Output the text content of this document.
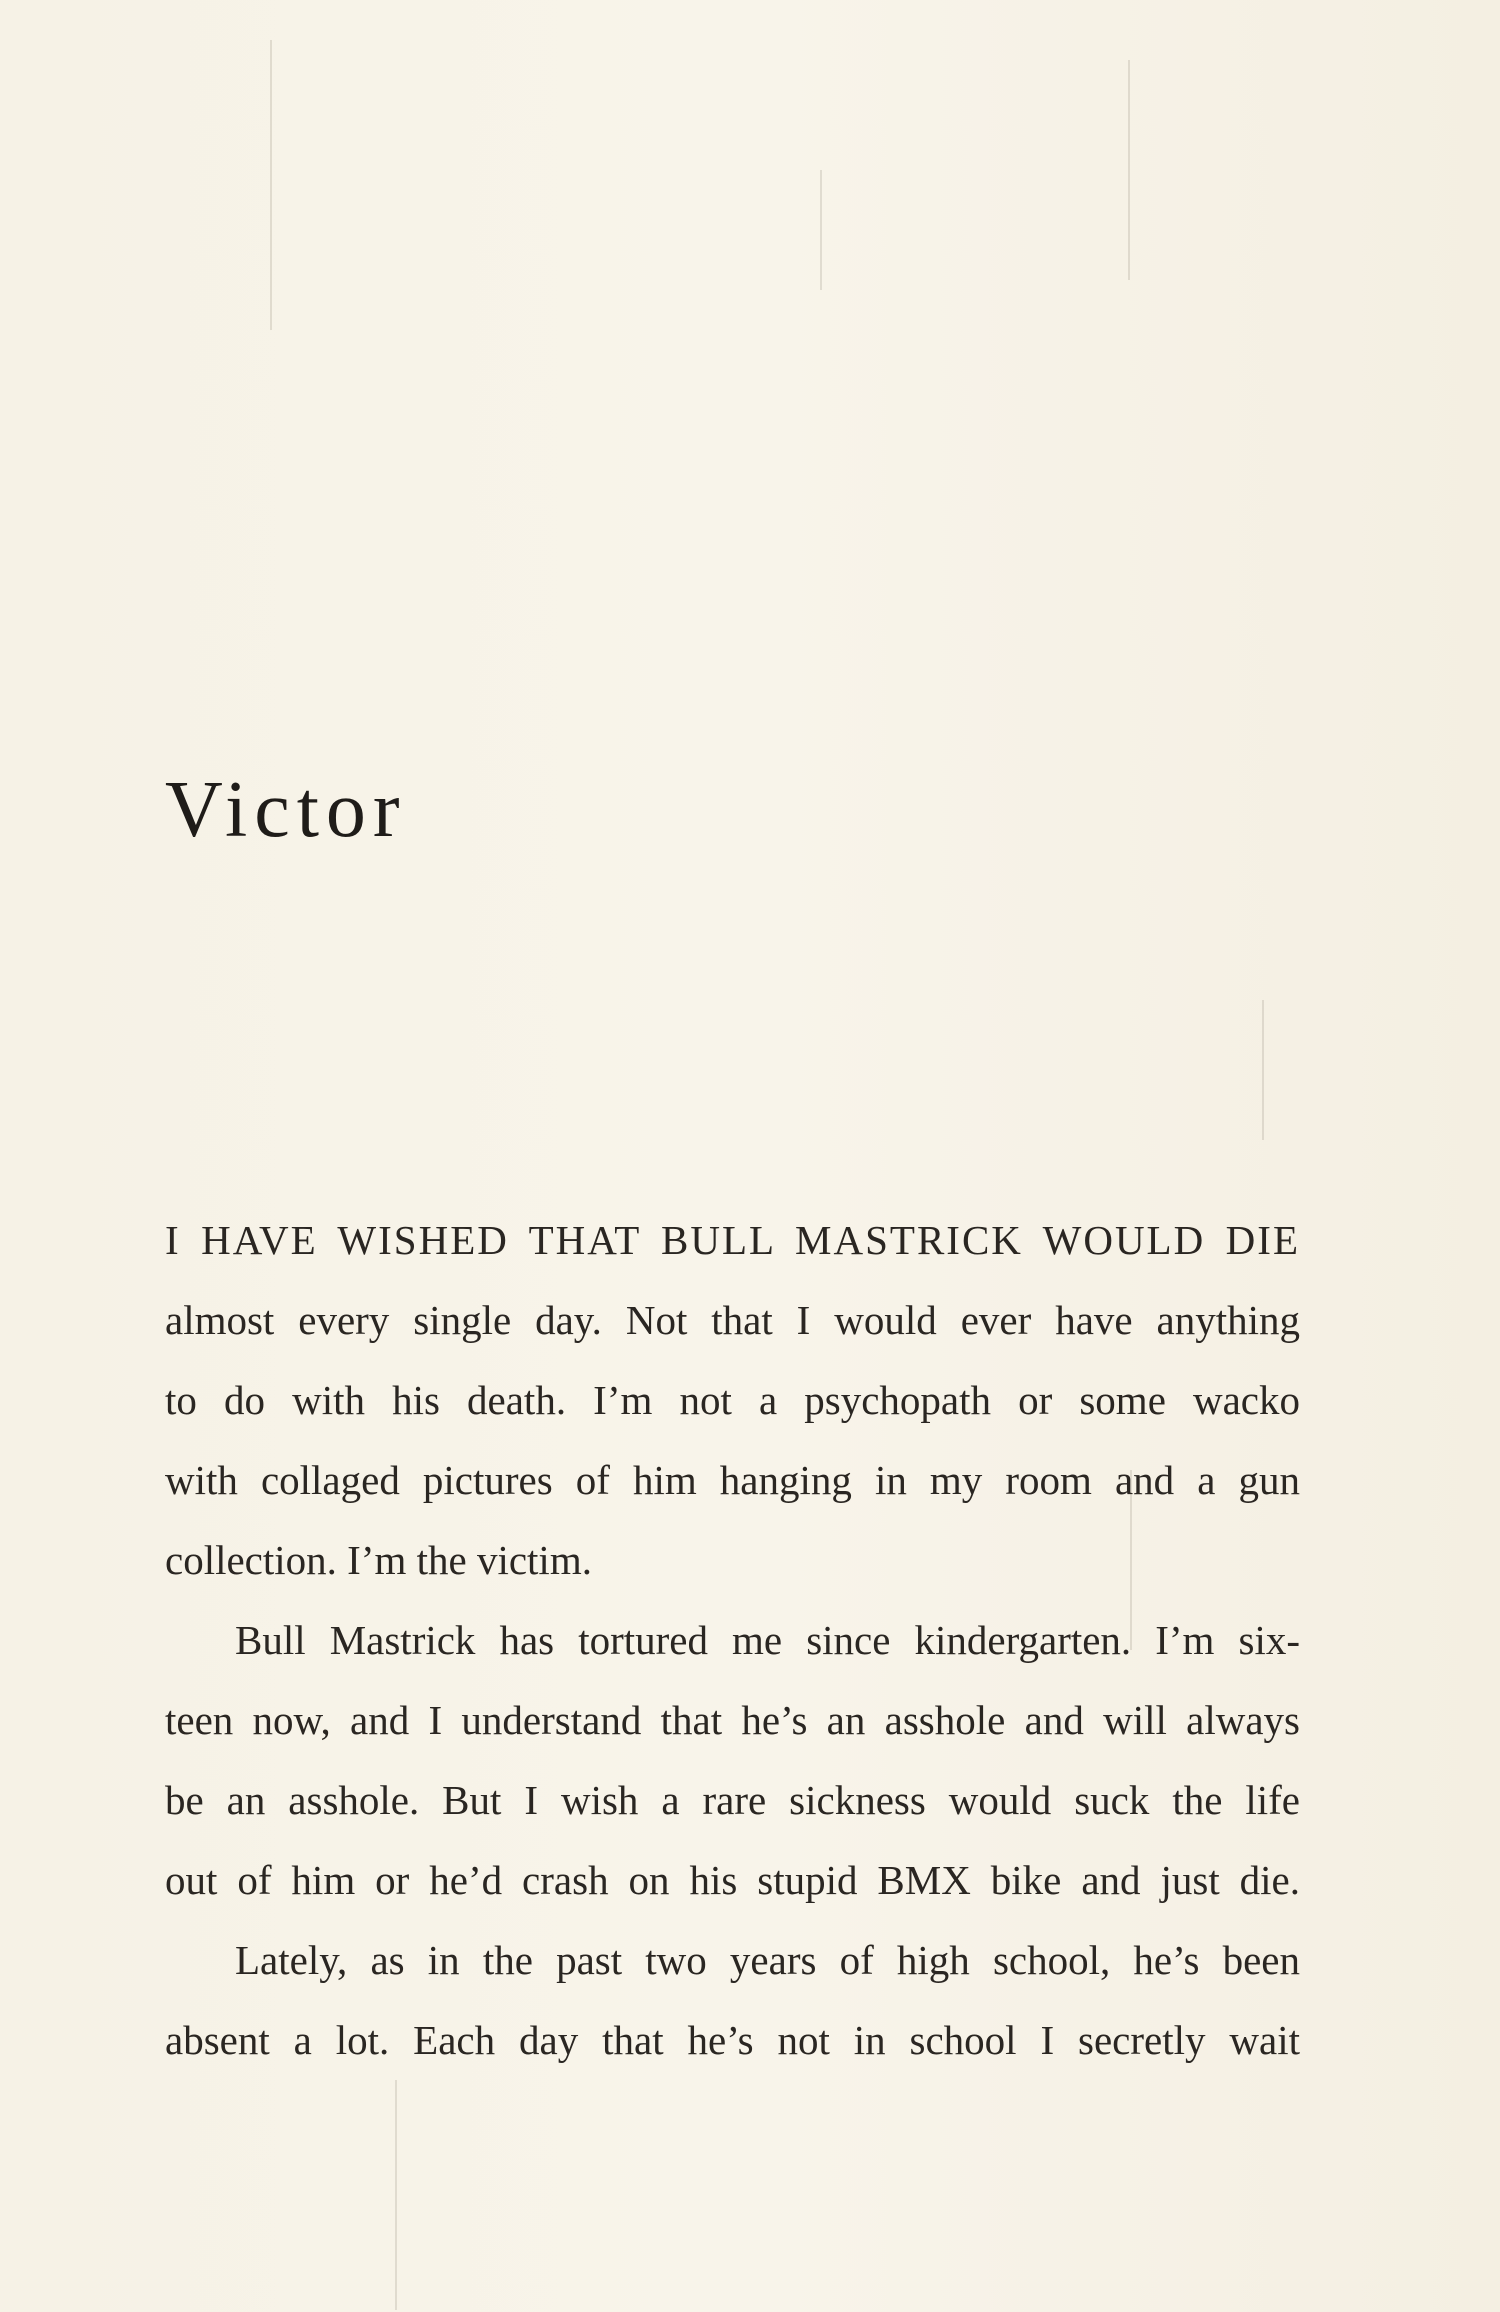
Victor

I HAVE WISHED THAT BULL MASTRICK WOULD DIE
almost every single day. Not that I would ever have anything
to do with his death. I’m not a psychopath or some wacko
with collaged pictures of him hanging in my room and a gun
collection. I’m the victim.

Bull Mastrick has tortured me since kindergarten. I’m six-
teen now, and I understand that he’s an asshole and will always
be an asshole. But I wish a rare sickness would suck the life
out of him or he’d crash on his stupid BMX bike and just die.

Lately, as in the past two years of high school, he’s been
absent a lot. Each day that he’s not in school I secretly wait
